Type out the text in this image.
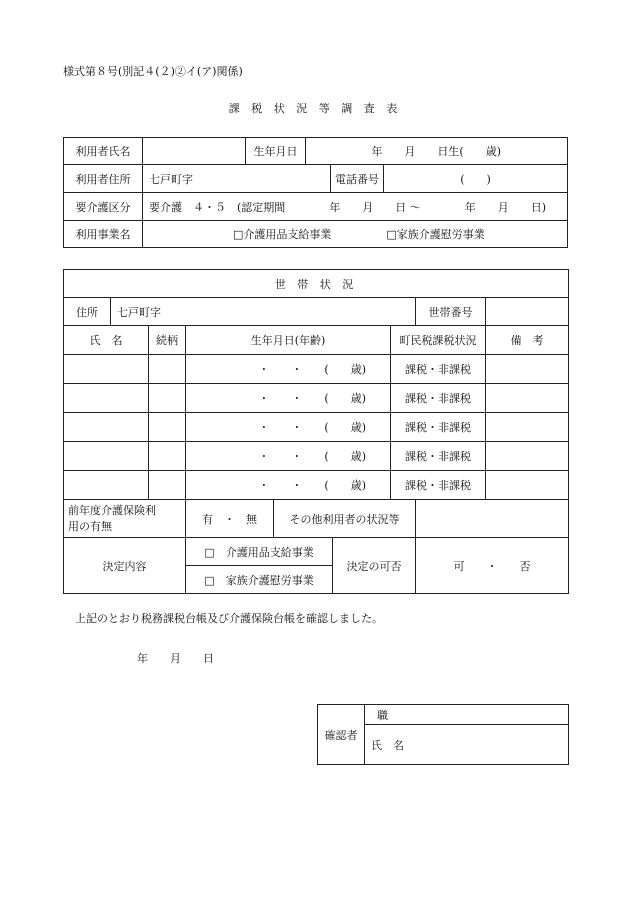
様式第８号(別記４(２)②イ(ア)関係)
課 税 状 況 等 調 査 表
利用者氏名		生年月日	年　　月　　日生(　　歳)		
利用者住所	七戸町字			電話番号	(　　)
要介護区分	要介護　４・５　(認定期間　　　　年　　月　　日 〜　　　　年　　月　　日)				
利用事業名	□介護用品支給事業 □家族介護慰労事業				
世 帯 状 況								
住所	七戸町字						世帯番号	
氏　名		続柄	生年月日(年齢)			町民税課税状況		備　考
			・　　・　　(　　歳)			課税・非課税		
			・　　・　　(　　歳)			課税・非課税		
			・　　・　　(　　歳)			課税・非課税		
			・　　・　　(　　歳)			課税・非課税		
			・　　・　　(　　歳)			課税・非課税		

前年度介護保険利
用の有無			有　・　無	その他利用者の状況等				
決定内容			□　介護用品支給事業		決定の可否		可　　・　　否	
			□　家族介護慰労事業					
上記のとおり税務課税台帳及び介護保険台帳を確認しました。
年　　月　　日
確認者	職
氏　名
